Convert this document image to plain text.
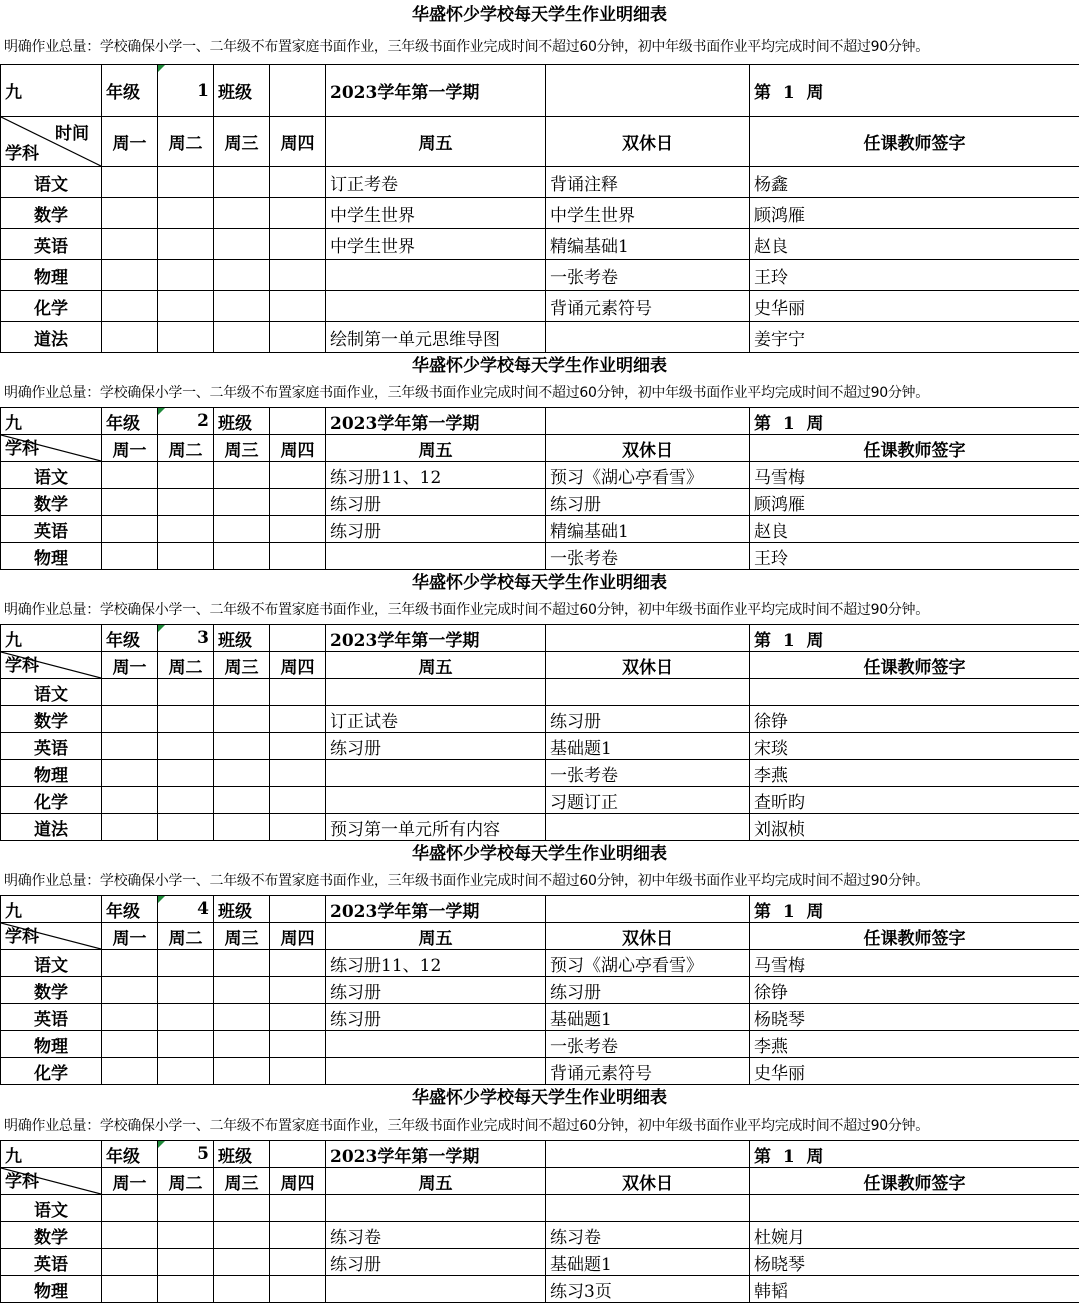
华盛怀少学校每天学生作业明细表
明确作业总量：学校确保小学一、二年级不布置家庭书面作业，三年级书面作业完成时间不超过60分钟，初中年级书面作业平均完成时间不超过90分钟。
九	年级	1	班级		2023学年第一学期		第  1  周

时间
学科	周一	周二	周三	周四	周五	双休日	任课教师签字
语文					订正考卷	背诵注释	杨鑫
数学					中学生世界	中学生世界	顾鸿雁
英语					中学生世界	精编基础1	赵良
物理						一张考卷	王玲
化学						背诵元素符号	史华丽
道法					绘制第一单元思维导图		姜宇宁
华盛怀少学校每天学生作业明细表
明确作业总量：学校确保小学一、二年级不布置家庭书面作业，三年级书面作业完成时间不超过60分钟，初中年级书面作业平均完成时间不超过90分钟。
九	年级	2	班级		2023学年第一学期		第  1  周

学科	周一	周二	周三	周四	周五	双休日	任课教师签字
语文					练习册11、12	预习《湖心亭看雪》	马雪梅
数学					练习册	练习册	顾鸿雁
英语					练习册	精编基础1	赵良
物理						一张考卷	王玲
华盛怀少学校每天学生作业明细表
明确作业总量：学校确保小学一、二年级不布置家庭书面作业，三年级书面作业完成时间不超过60分钟，初中年级书面作业平均完成时间不超过90分钟。
九	年级	3	班级		2023学年第一学期		第  1  周

学科	周一	周二	周三	周四	周五	双休日	任课教师签字
语文							
数学					订正试卷	练习册	徐铮
英语					练习册	基础题1	宋琰
物理						一张考卷	李燕
化学						习题订正	查昕昀
道法					预习第一单元所有内容		刘淑桢
华盛怀少学校每天学生作业明细表
明确作业总量：学校确保小学一、二年级不布置家庭书面作业，三年级书面作业完成时间不超过60分钟，初中年级书面作业平均完成时间不超过90分钟。
九	年级	4	班级		2023学年第一学期		第  1  周

学科	周一	周二	周三	周四	周五	双休日	任课教师签字
语文					练习册11、12	预习《湖心亭看雪》	马雪梅
数学					练习册	练习册	徐铮
英语					练习册	基础题1	杨晓琴
物理						一张考卷	李燕
化学						背诵元素符号	史华丽
华盛怀少学校每天学生作业明细表
明确作业总量：学校确保小学一、二年级不布置家庭书面作业，三年级书面作业完成时间不超过60分钟，初中年级书面作业平均完成时间不超过90分钟。
九	年级	5	班级		2023学年第一学期		第  1  周

学科	周一	周二	周三	周四	周五	双休日	任课教师签字
语文							
数学					练习卷	练习卷	杜婉月
英语					练习册	基础题1	杨晓琴
物理						练习3页	韩韬
